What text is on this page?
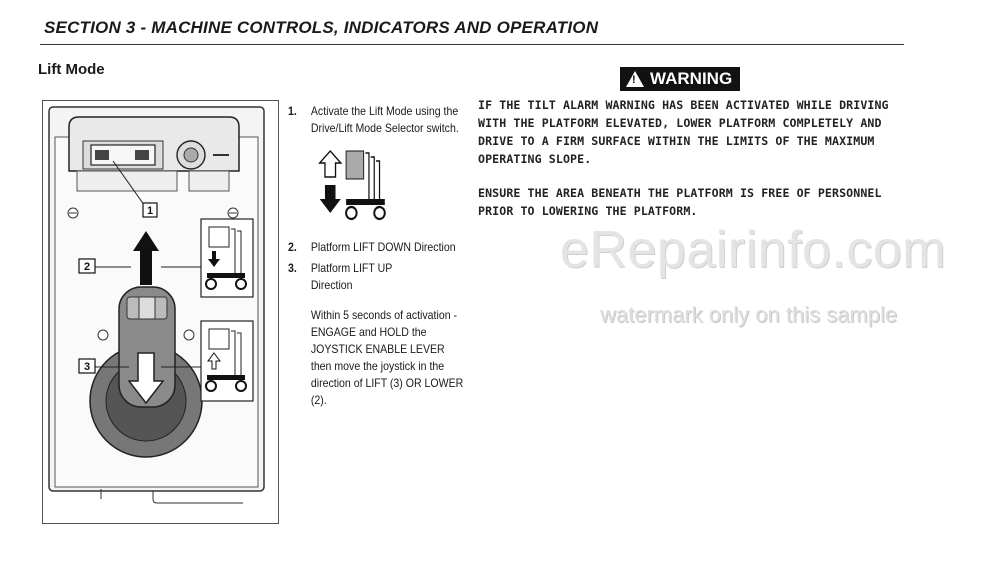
SECTION 3 - MACHINE CONTROLS, INDICATORS AND OPERATION
Lift Mode
1
2
3
1. Activate the Lift Mode using the Drive/Lift Mode Selector switch.
2. Platform LIFT DOWN Direction
3. Platform LIFT UP Direction
Within 5 seconds of activation - ENGAGE and HOLD the JOYSTICK ENABLE LEVER then move the joystick in the direction of LIFT (3) OR LOWER (2).
! WARNING

IF THE TILT ALARM WARNING HAS BEEN ACTIVATED WHILE DRIVING WITH THE PLATFORM ELEVATED, LOWER PLATFORM COMPLETELY AND DRIVE TO A FIRM SURFACE WITHIN THE LIMITS OF THE MAXIMUM OPERATING SLOPE.

ENSURE THE AREA BENEATH THE PLATFORM IS FREE OF PERSONNEL PRIOR TO LOWERING THE PLATFORM.

eRepairinfo.com
watermark only on this sample
